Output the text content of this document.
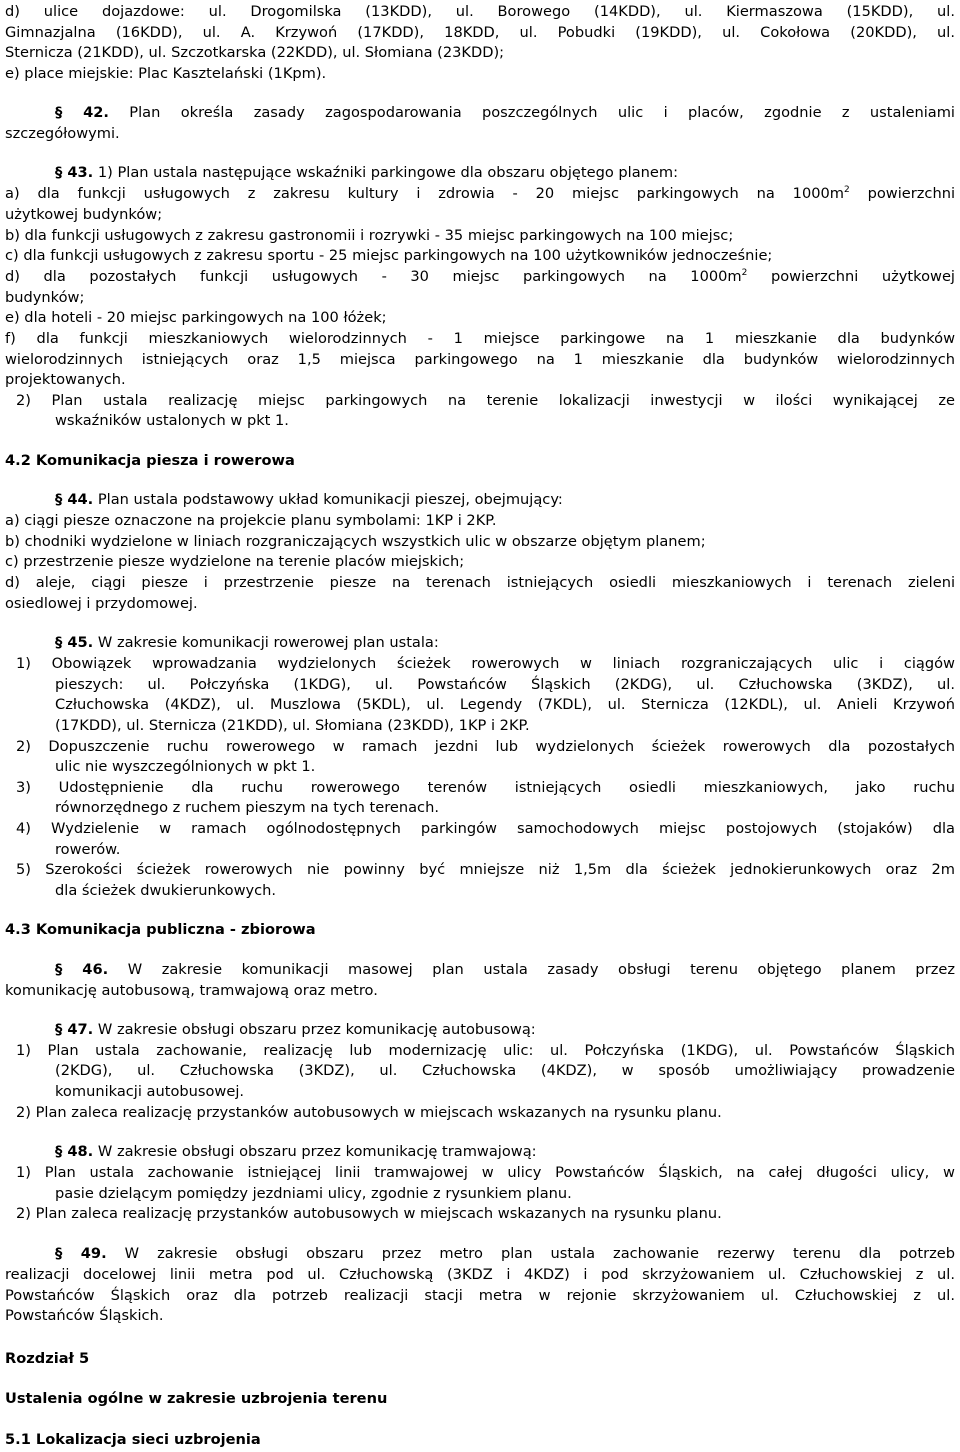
d) ulice dojazdowe: ul. Drogomilska (13KDD), ul. Borowego (14KDD), ul. Kiermaszowa (15KDD), ul.
Gimnazjalna (16KDD), ul. A. Krzywoń (17KDD), 18KDD, ul. Pobudki (19KDD), ul. Cokołowa (20KDD), ul.
Sternicza (21KDD), ul. Szczotkarska (22KDD), ul. Słomiana (23KDD);
e) place miejskie: Plac Kasztelański (1Kpm).
§ 42. Plan określa zasady zagospodarowania poszczególnych ulic i placów, zgodnie z ustaleniami
szczegółowymi.
§ 43. 1) Plan ustala następujące wskaźniki parkingowe dla obszaru objętego planem:
a) dla funkcji usługowych z zakresu kultury i zdrowia - 20 miejsc parkingowych na $1000m^2$ powierzchni
użytkowej budynków;
b) dla funkcji usługowych z zakresu gastronomii i rozrywki - 35 miejsc parkingowych na 100 miejsc;
c) dla funkcji usługowych z zakresu sportu - 25 miejsc parkingowych na 100 użytkowników jednocześnie;
d) dla pozostałych funkcji usługowych - 30 miejsc parkingowych na $1000m^2$ powierzchni użytkowej
budynków;
e) dla hoteli - 20 miejsc parkingowych na 100 łóżek;
f) dla funkcji mieszkaniowych wielorodzinnych - 1 miejsce parkingowe na 1 mieszkanie dla budynków
wielorodzinnych istniejących oraz 1,5 miejsca parkingowego na 1 mieszkanie dla budynków wielorodzinnych
projektowanych.
2) Plan ustala realizację miejsc parkingowych na terenie lokalizacji inwestycji w ilości wynikającej ze
wskaźników ustalonych w pkt 1.
4.2 Komunikacja piesza i rowerowa
§ 44. Plan ustala podstawowy układ komunikacji pieszej, obejmujący:
a) ciągi piesze oznaczone na projekcie planu symbolami: 1KP i 2KP.
b) chodniki wydzielone w liniach rozgraniczających wszystkich ulic w obszarze objętym planem;
c) przestrzenie piesze wydzielone na terenie placów miejskich;
d) aleje, ciągi piesze i przestrzenie piesze na terenach istniejących osiedli mieszkaniowych i terenach zieleni
osiedlowej i przydomowej.
§ 45. W zakresie komunikacji rowerowej plan ustala:
1) Obowiązek wprowadzania wydzielonych ścieżek rowerowych w liniach rozgraniczających ulic i ciągów
pieszych: ul. Połczyńska (1KDG), ul. Powstańców Śląskich (2KDG), ul. Człuchowska (3KDZ), ul.
Człuchowska (4KDZ), ul. Muszlowa (5KDL), ul. Legendy (7KDL), ul. Sternicza (12KDL), ul. Anieli Krzywoń
(17KDD), ul. Sternicza (21KDD), ul. Słomiana (23KDD), 1KP i 2KP.
2) Dopuszczenie ruchu rowerowego w ramach jezdni lub wydzielonych ścieżek rowerowych dla pozostałych
ulic nie wyszczególnionych w pkt 1.
3) Udostępnienie dla ruchu rowerowego terenów istniejących osiedli mieszkaniowych, jako ruchu
równorzędnego z ruchem pieszym na tych terenach.
4) Wydzielenie w ramach ogólnodostępnych parkingów samochodowych miejsc postojowych (stojaków) dla
rowerów.
5) Szerokości ścieżek rowerowych nie powinny być mniejsze niż 1,5m dla ścieżek jednokierunkowych oraz 2m
dla ścieżek dwukierunkowych.
4.3 Komunikacja publiczna - zbiorowa
§ 46. W zakresie komunikacji masowej plan ustala zasady obsługi terenu objętego planem przez
komunikację autobusową, tramwajową oraz metro.
§ 47. W zakresie obsługi obszaru przez komunikację autobusową:
1) Plan ustala zachowanie, realizację lub modernizację ulic: ul. Połczyńska (1KDG), ul. Powstańców Śląskich
(2KDG), ul. Człuchowska (3KDZ), ul. Człuchowska (4KDZ), w sposób umożliwiający prowadzenie
komunikacji autobusowej.
2) Plan zaleca realizację przystanków autobusowych w miejscach wskazanych na rysunku planu.
§ 48. W zakresie obsługi obszaru przez komunikację tramwajową:
1) Plan ustala zachowanie istniejącej linii tramwajowej w ulicy Powstańców Śląskich, na całej długości ulicy, w
pasie dzielącym pomiędzy jezdniami ulicy, zgodnie z rysunkiem planu.
2) Plan zaleca realizację przystanków autobusowych w miejscach wskazanych na rysunku planu.
§ 49. W zakresie obsługi obszaru przez metro plan ustala zachowanie rezerwy terenu dla potrzeb
realizacji docelowej linii metra pod ul. Człuchowską (3KDZ i 4KDZ) i pod skrzyżowaniem ul. Człuchowskiej z ul.
Powstańców Śląskich oraz dla potrzeb realizacji stacji metra w rejonie skrzyżowaniem ul. Człuchowskiej z ul.
Powstańców Śląskich.
Rozdział 5
Ustalenia ogólne w zakresie uzbrojenia terenu
5.1 Lokalizacja sieci uzbrojenia
